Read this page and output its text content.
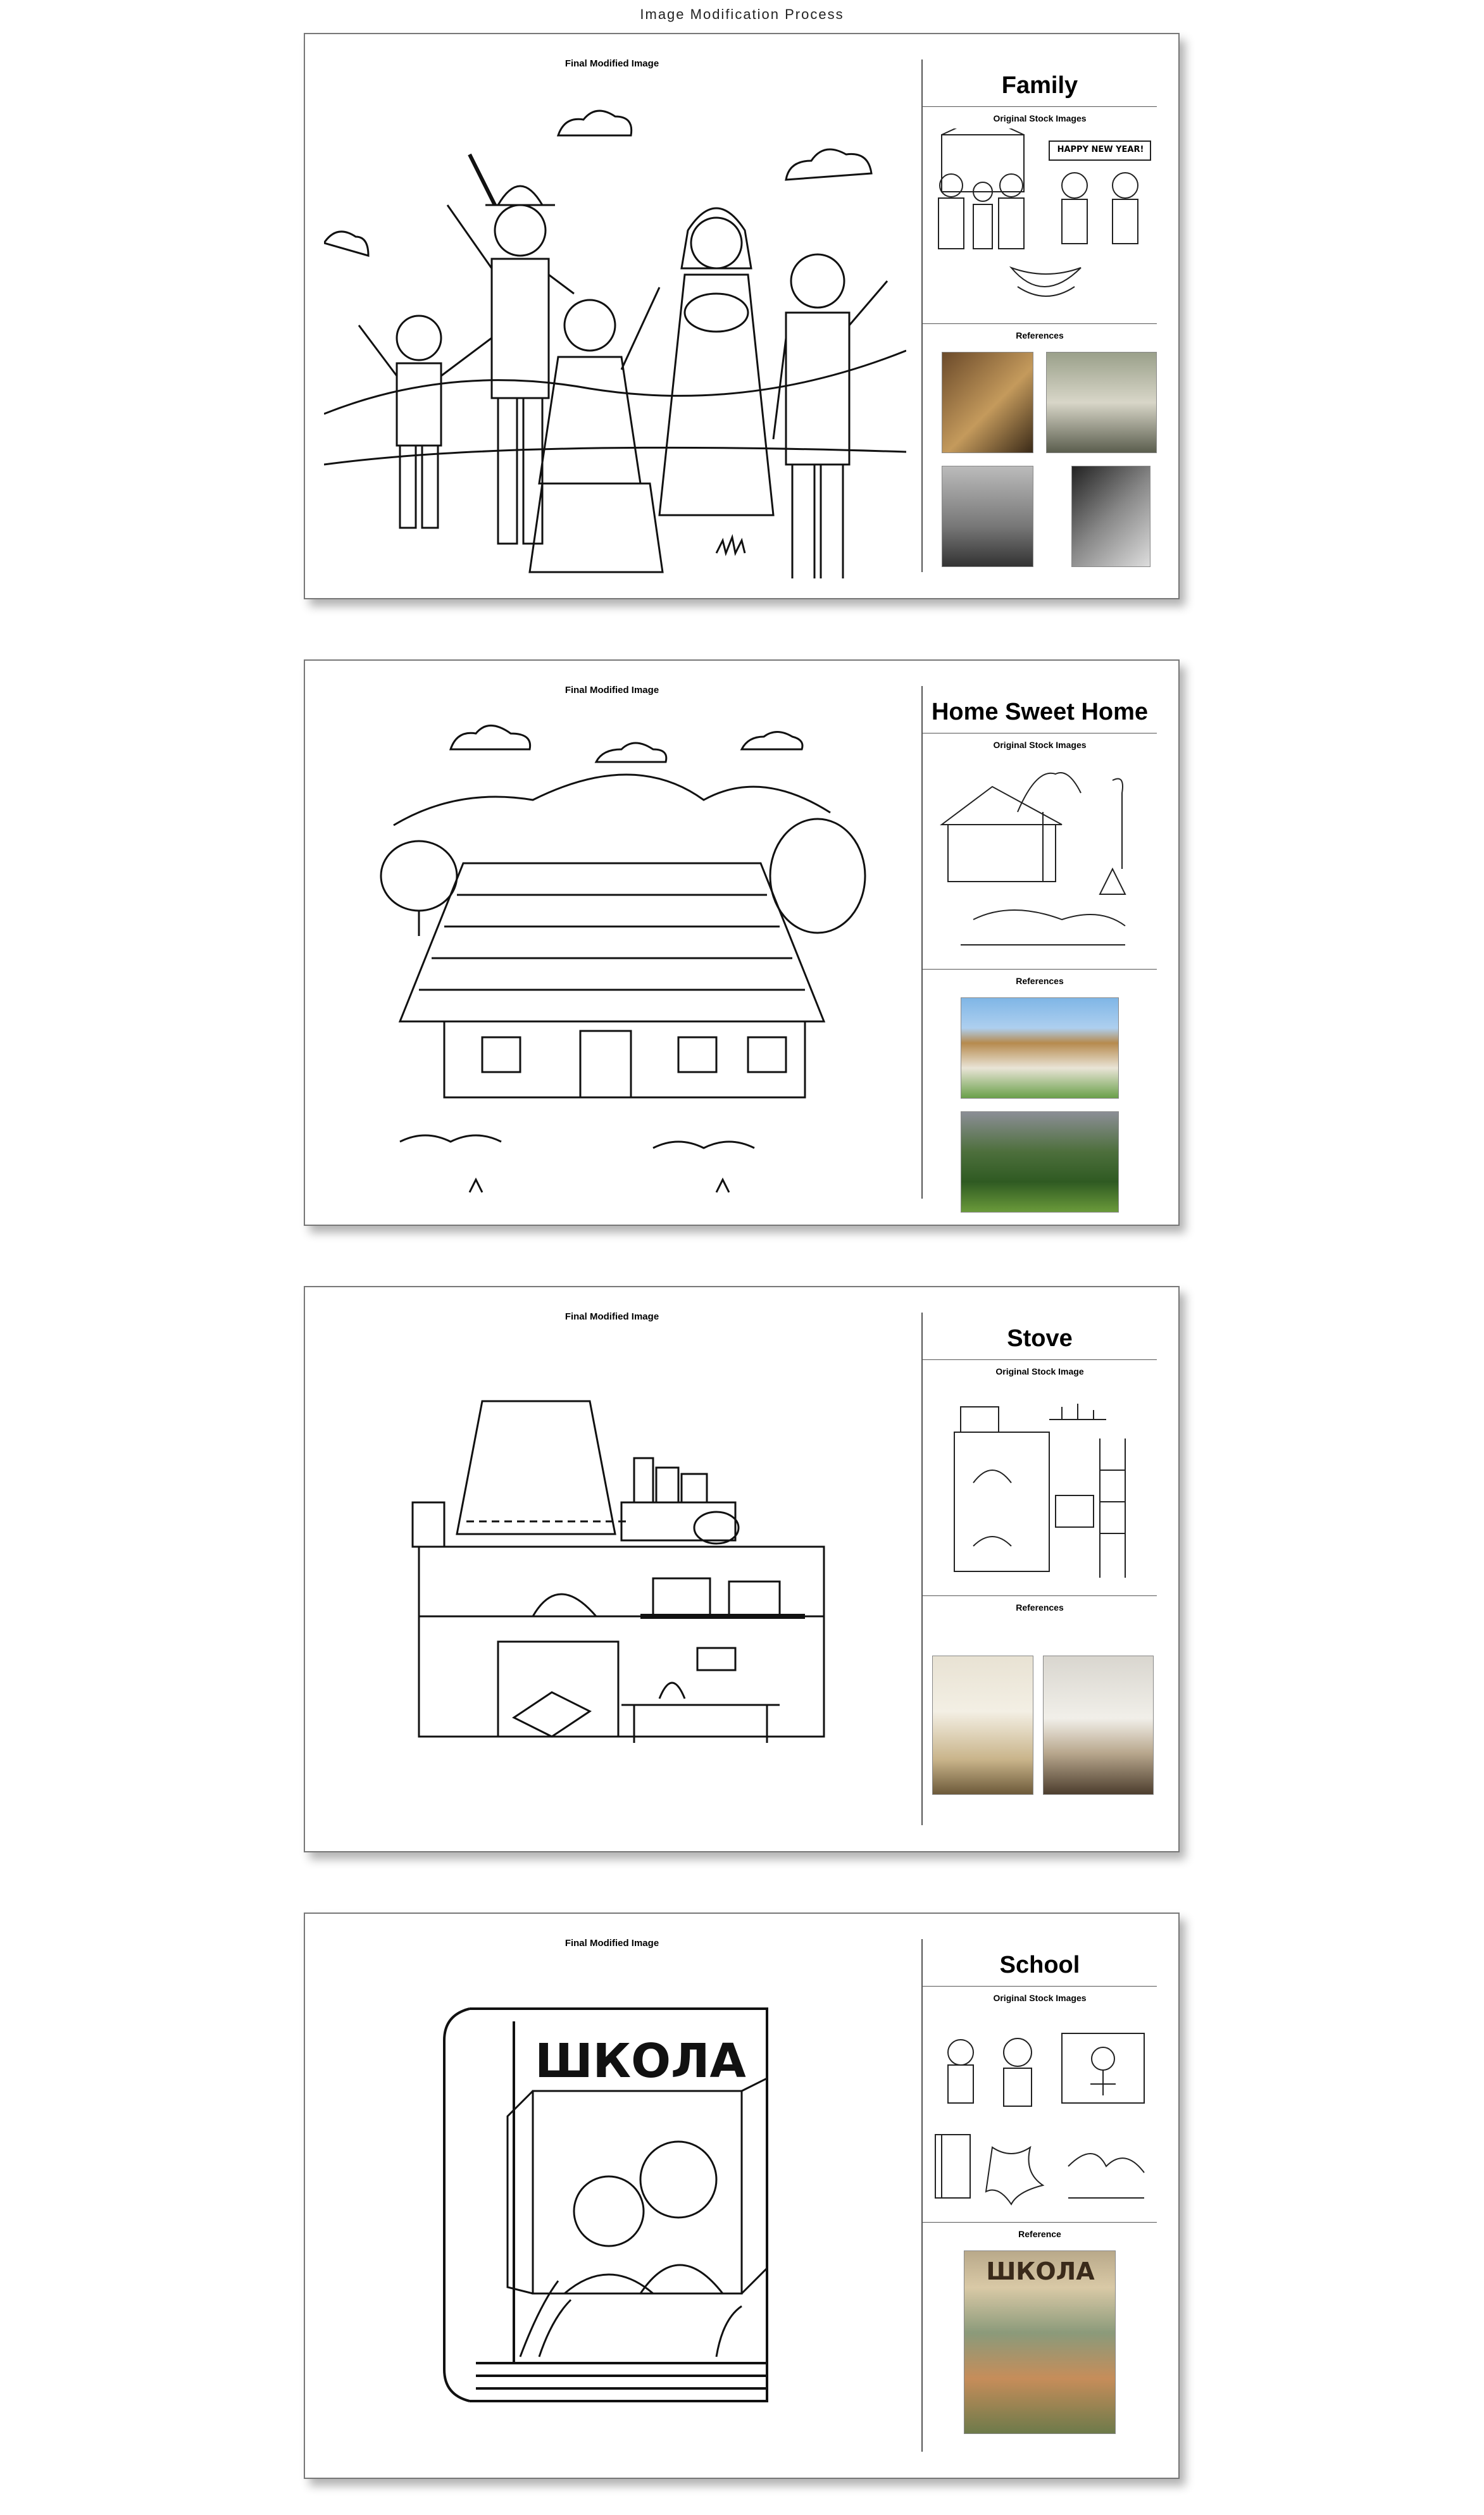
Image Modification Process
Final Modified Image
Family
Original Stock Images
HAPPY NEW YEAR!
References
Final Modified Image
Home Sweet Home
Original Stock Images
References
Final Modified Image
Stove
Original Stock Image
References
Final Modified Image
ШКОЛА
School
Original Stock Images
Reference
ШКОЛА
